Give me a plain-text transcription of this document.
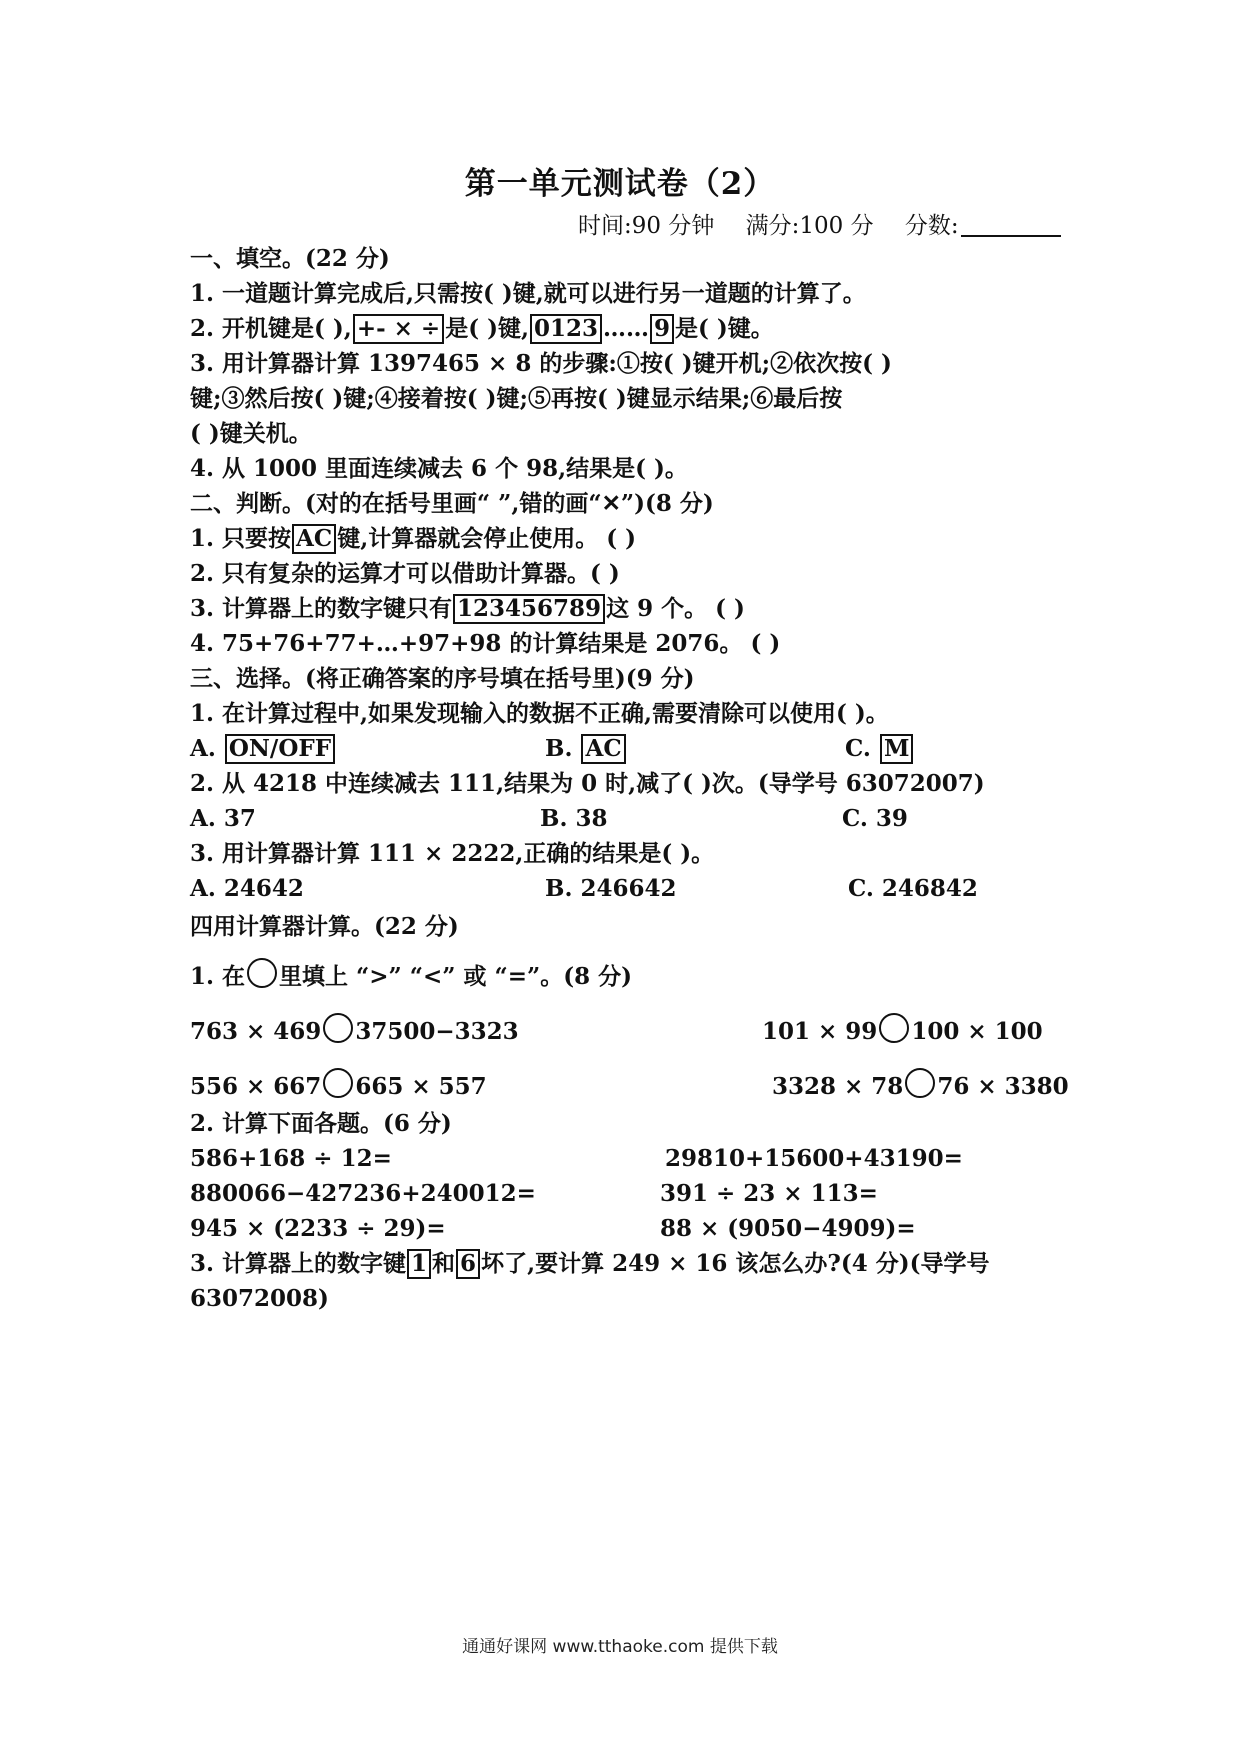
第一单元测试卷（2）
时间:90 分钟 满分:100 分 分数:
一、填空。(22 分)
1. 一道题计算完成后,只需按( )键,就可以进行另一道题的计算了。
2. 开机键是( ), +- × ÷ 是( )键, 0123 …… 9 是( )键。
3. 用计算器计算 1397465 × 8 的步骤:①按( )键开机;②依次按( )
键;③然后按( )键;④接着按( )键;⑤再按( )键显示结果;⑥最后按
( )键关机。
4. 从 1000 里面连续减去 6 个 98,结果是( )。
二、判断。(对的在括号里画“ ”,错的画“✕”)(8 分)
1. 只要按 AC 键,计算器就会停止使用。 ( )
2. 只有复杂的运算才可以借助计算器。( )
3. 计算器上的数字键只有 123456789 这 9 个。 ( )
4. 75+76+77+…+97+98 的计算结果是 2076。 ( )
三、选择。(将正确答案的序号填在括号里)(9 分)
1. 在计算过程中,如果发现输入的数据不正确,需要清除可以使用( )。
A. ON/OFF	B. AC	C. M
2. 从 4218 中连续减去 111,结果为 0 时,减了( )次。(导学号 63072007)
A. 37	B. 38	C. 39
3. 用计算器计算 111 × 2222,正确的结果是( )。
A. 24642	B. 246642	C. 246842
四用计算器计算。(22 分)
1. 在 里填上 “>” “<” 或 “=”。(8 分)
763 × 469 37500−3323	101 × 99 100 × 100
556 × 667 665 × 557	3328 × 78 76 × 3380
2. 计算下面各题。(6 分)
586+168 ÷ 12=	29810+15600+43190=
880066−427236+240012=	391 ÷ 23 × 113=
945 × (2233 ÷ 29)=	88 × (9050−4909)=
3. 计算器上的数字键 1 和 6 坏了,要计算 249 × 16 该怎么办?(4 分)(导学号
63072008)
通通好课网 www.tthaoke.com 提供下载
